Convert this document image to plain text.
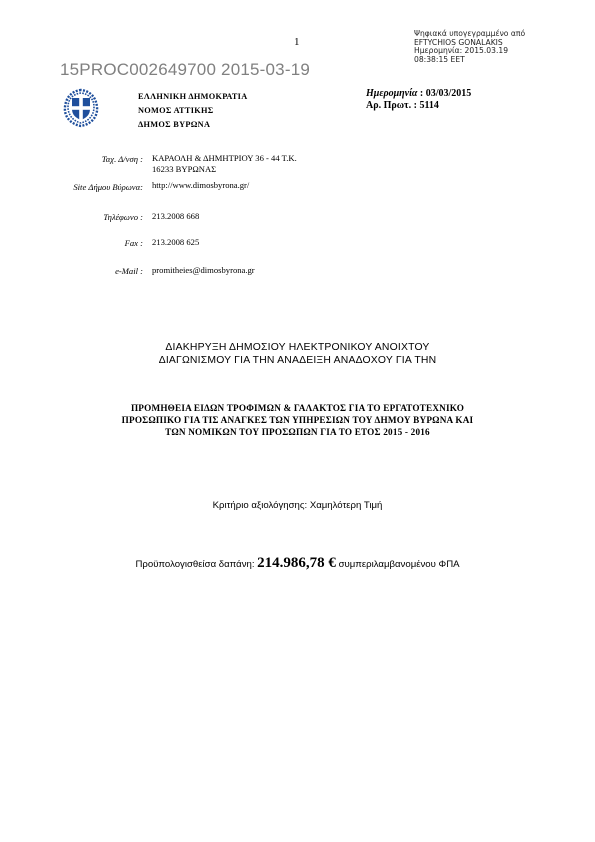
1
15PROC002649700 2015-03-19
Ψηφιακά υπογεγραμμένο από
EFTYCHIOS GONALAKIS
Ημερομηνία: 2015.03.19
08:38:15 EET
ΕΛΛΗΝΙΚΗ ΔΗΜΟΚΡΑΤΙΑ
ΝΟΜΟΣ ΑΤΤΙΚΗΣ
ΔΗΜΟΣ ΒΥΡΩΝΑ
Ημερομηνία : 03/03/2015
Αρ. Πρωτ. : 5114
Ταχ. Δ/νση : ΚΑΡΑΟΛΗ & ΔΗΜΗΤΡΙΟΥ 36 - 44 Τ.Κ.
16233 ΒΥΡΩΝΑΣ
Site Δήμου Βύρωνα: http://www.dimosbyrona.gr/
Τηλέφωνο : 213.2008 668
Fax : 213.2008 625
e-Mail : promitheies@dimosbyrona.gr
ΔΙΑΚΗΡΥΞΗ ΔΗΜΟΣΙΟΥ ΗΛΕΚΤΡΟΝΙΚΟΥ ΑΝΟΙΧΤΟΥ
ΔΙΑΓΩΝΙΣΜΟΥ ΓΙΑ ΤΗΝ ΑΝΑΔΕΙΞΗ ΑΝΑΔΟΧΟΥ ΓΙΑ ΤΗΝ
ΠΡΟΜΗΘΕΙΑ ΕΙΔΩΝ ΤΡΟΦΙΜΩΝ & ΓΑΛΑΚΤΟΣ ΓΙΑ ΤΟ ΕΡΓΑΤΟΤΕΧΝΙΚΟ
ΠΡΟΣΩΠΙΚΟ ΓΙΑ ΤΙΣ ΑΝΑΓΚΕΣ ΤΩΝ ΥΠΗΡΕΣΙΩΝ ΤΟΥ ΔΗΜΟΥ ΒΥΡΩΝΑ ΚΑΙ
ΤΩΝ ΝΟΜΙΚΩΝ ΤΟΥ ΠΡΟΣΩΠΩΝ ΓΙΑ ΤΟ ΕΤΟΣ 2015 - 2016
Κριτήριο αξιολόγησης: Χαμηλότερη Τιμή
Προϋπολογισθείσα δαπάνη: 214.986,78 € συμπεριλαμβανομένου ΦΠΑ
